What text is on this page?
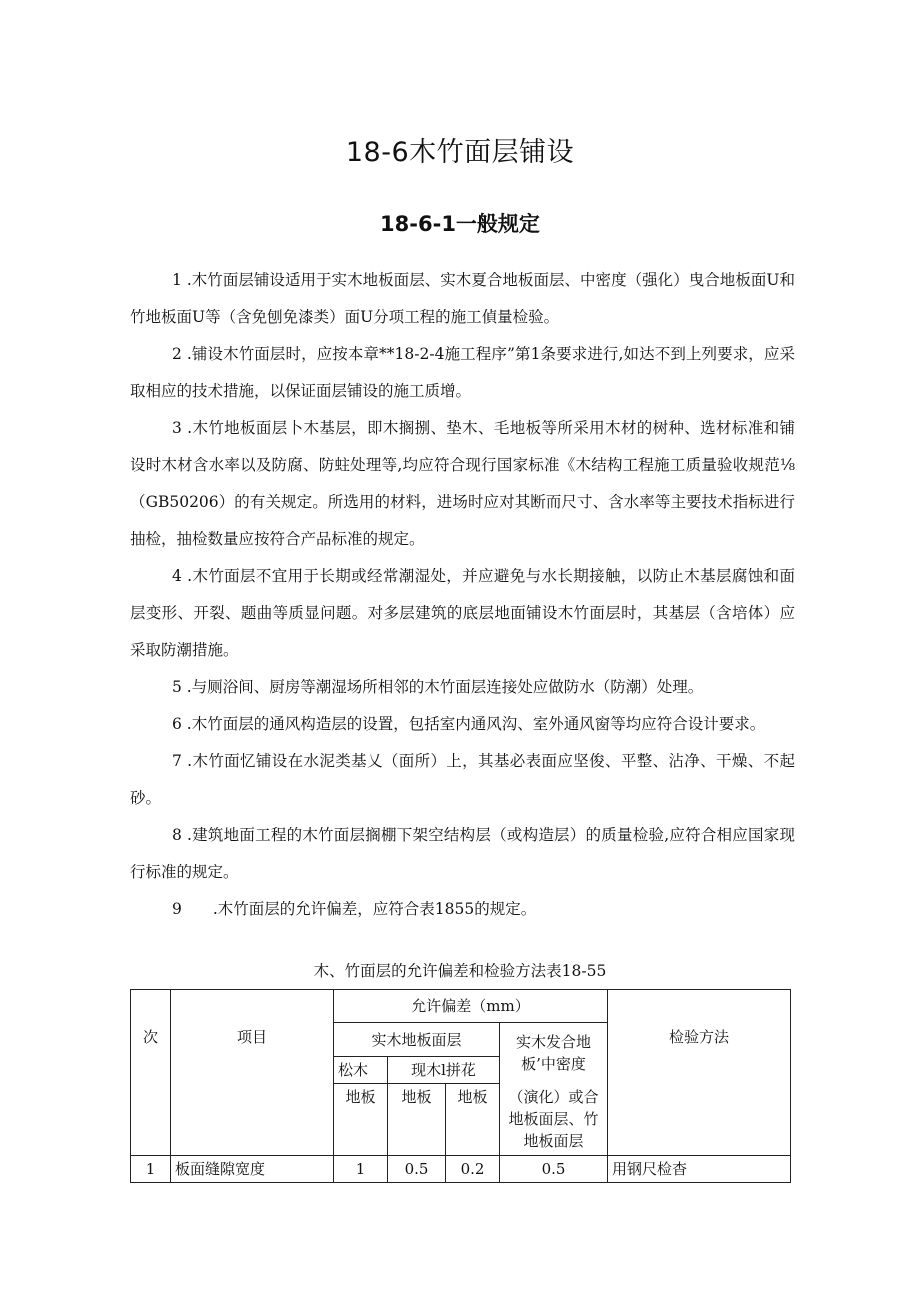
18-6木竹面层铺设
18-6-1一般规定

1 .木竹面层铺设适用于实木地板面层、实木夏合地板面层、中密度（强化）曳合地板面U和竹地板面U等（含免刨免漆类）面U分项工程的施工偵量检验。

2 .铺设木竹面层时，应按本章**18-2-4施工程序”第1条要求进行,如达不到上列要求，应采取相应的技术措施，以保证面层铺设的施工质增。

3 .木竹地板面层卜木基层，即木搁捌、垫木、毛地板等所采用木材的树种、选材标准和铺设时木材含水率以及防腐、防蛀处理等,均应符合现行国家标准《木结构工程施工质量验收规范⅛（GB50206）的有关规定。所选用的材料，进场时应对其断而尺寸、含水率等主要技术指标进行抽检，抽检数量应按符合产品标准的规定。

4 .木竹面层不宜用于长期或经常潮湿处，并应避免与水长期接触，以防止木基层腐蚀和面层变形、开裂、题曲等质显问题。对多层建筑的底层地面铺设木竹面层时，其基层（含培体）应采取防潮措施。

5 .与厕浴间、厨房等潮湿场所相邻的木竹面层连接处应做防水（防潮）处理。

6 .木竹面层的通风构造层的设置，包括室内通风沟、室外通风窗等均应符合设计要求。

7 .木竹面忆铺设在水泥类基乂（面所）上，其基必表面应坚俊、平整、沾净、干燥、不起砂。

8 .建筑地面工程的木竹面层搁棚下架空结构层（或构造层）的质量检验,应符合相应国家现行标准的规定。

9　　.木竹面层的允许偏差，应符合表1855的规定。

木、竹面层的允许偏差和检验方法表18-55
次	项目	允许偏差（mm）				检验方法
		实木地板面层			实木发合地板’中密度	
		松木	现木l拼花			
		地板	地板	地板	（演化）或合地板面层、竹地板面层	
1	板面缝隙宽度	1	0.5	0.2	0.5	用钢尺检杳
